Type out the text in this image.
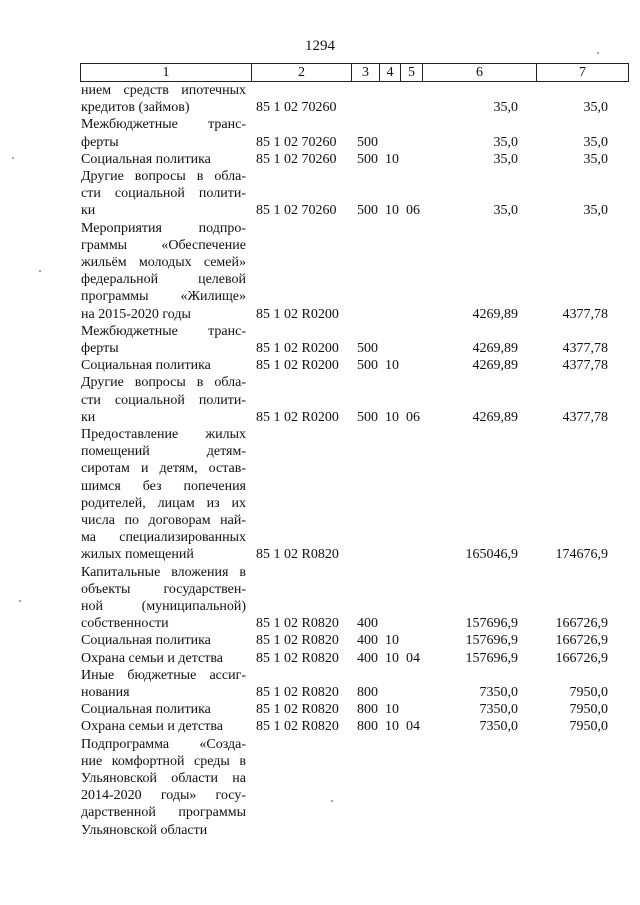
1294
1	2	3	4	5	6	7
нием средств ипотечных
кредитов (займов)	85 1 02 70260	35,0	35,0
Межбюджетные транс-
ферты	85 1 02 70260 500	35,0	35,0
Социальная политика	85 1 02 70260 500 10	35,0	35,0
Другие вопросы в обла-
сти социальной полити-
ки	85 1 02 70260 500 10 06	35,0	35,0
Мероприятия подпро-
граммы «Обеспечение
жильём молодых семей»
федеральной целевой
программы «Жилище»
на 2015-2020 годы	85 1 02 R0200	4269,89	4377,78
Межбюджетные транс-
ферты	85 1 02 R0200 500	4269,89	4377,78
Социальная политика	85 1 02 R0200 500 10	4269,89	4377,78
Другие вопросы в обла-
сти социальной полити-
ки	85 1 02 R0200 500 10 06	4269,89	4377,78
Предоставление жилых
помещений детям-
сиротам и детям, остав-
шимся без попечения
родителей, лицам из их
числа по договорам най-
ма специализированных
жилых помещений	85 1 02 R0820	165046,9	174676,9
Капитальные вложения в
объекты государствен-
ной (муниципальной)
собственности	85 1 02 R0820 400	157696,9	166726,9
Социальная политика	85 1 02 R0820 400 10	157696,9	166726,9
Охрана семьи и детства	85 1 02 R0820 400 10 04	157696,9	166726,9
Иные бюджетные ассиг-
нования	85 1 02 R0820 800	7350,0	7950,0
Социальная политика	85 1 02 R0820 800 10	7350,0	7950,0
Охрана семьи и детства	85 1 02 R0820 800 10 04	7350,0	7950,0
Подпрограмма «Созда-
ние комфортной среды в
Ульяновской области на
2014-2020 годы» госу-
дарственной программы
Ульяновской области
